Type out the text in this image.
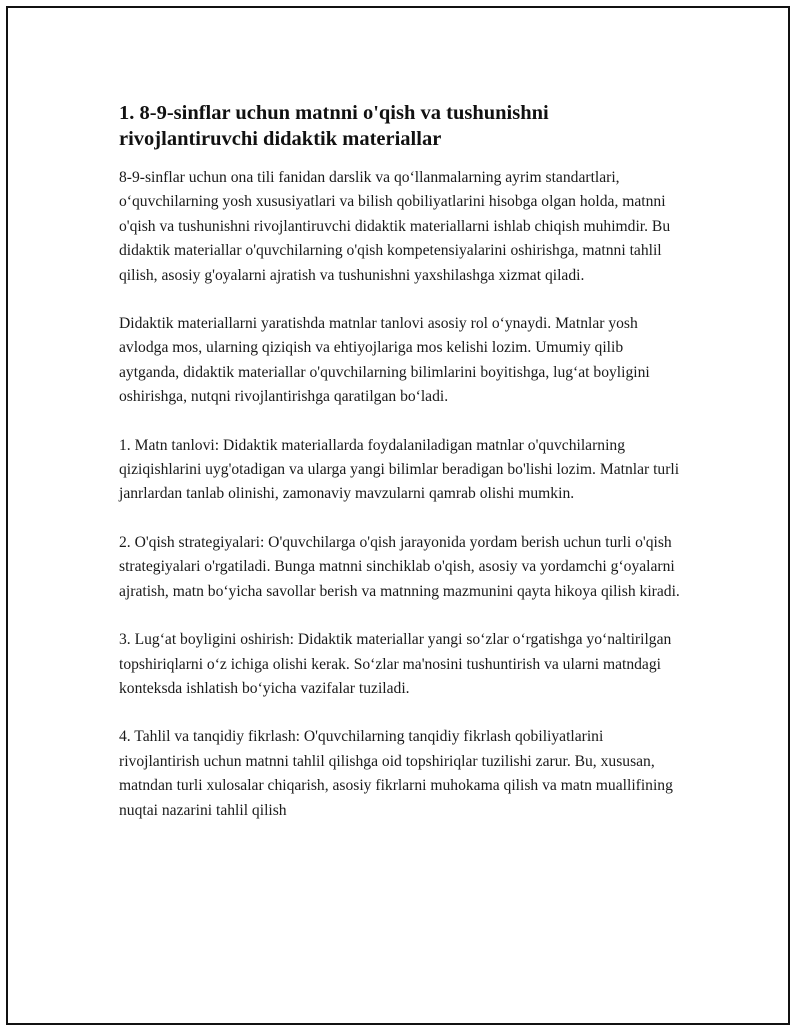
1. 8-9-sinflar uchun matnni o'qish va tushunishni rivojlantiruvchi didaktik materiallar

8-9-sinflar uchun ona tili fanidan darslik va qo‘llanmalarning ayrim standartlari, o‘quvchilarning yosh xususiyatlari va bilish qobiliyatlarini hisobga olgan holda, matnni o'qish va tushunishni rivojlantiruvchi didaktik materiallarni ishlab chiqish muhimdir. Bu didaktik materiallar o'quvchilarning o'qish kompetensiyalarini oshirishga, matnni tahlil qilish, asosiy g'oyalarni ajratish va tushunishni yaxshilashga xizmat qiladi.

Didaktik materiallarni yaratishda matnlar tanlovi asosiy rol o‘ynaydi. Matnlar yosh avlodga mos, ularning qiziqish va ehtiyojlariga mos kelishi lozim. Umumiy qilib aytganda, didaktik materiallar o'quvchilarning bilimlarini boyitishga, lug‘at boyligini oshirishga, nutqni rivojlantirishga qaratilgan bo‘ladi.

1. Matn tanlovi: Didaktik materiallarda foydalaniladigan matnlar o'quvchilarning qiziqishlarini uyg'otadigan va ularga yangi bilimlar beradigan bo'lishi lozim. Matnlar turli janrlardan tanlab olinishi, zamonaviy mavzularni qamrab olishi mumkin.

2. O'qish strategiyalari: O'quvchilarga o'qish jarayonida yordam berish uchun turli o'qish strategiyalari o'rgatiladi. Bunga matnni sinchiklab o'qish, asosiy va yordamchi g‘oyalarni ajratish, matn bo‘yicha savollar berish va matnning mazmunini qayta hikoya qilish kiradi.

3. Lug‘at boyligini oshirish: Didaktik materiallar yangi so‘zlar o‘rgatishga yo‘naltirilgan topshiriqlarni o‘z ichiga olishi kerak. So‘zlar ma'nosini tushuntirish va ularni matndagi konteksda ishlatish bo‘yicha vazifalar tuziladi.

4. Tahlil va tanqidiy fikrlash: O'quvchilarning tanqidiy fikrlash qobiliyatlarini rivojlantirish uchun matnni tahlil qilishga oid topshiriqlar tuzilishi zarur. Bu, xususan, matndan turli xulosalar chiqarish, asosiy fikrlarni muhokama qilish va matn muallifining nuqtai nazarini tahlil qilish
